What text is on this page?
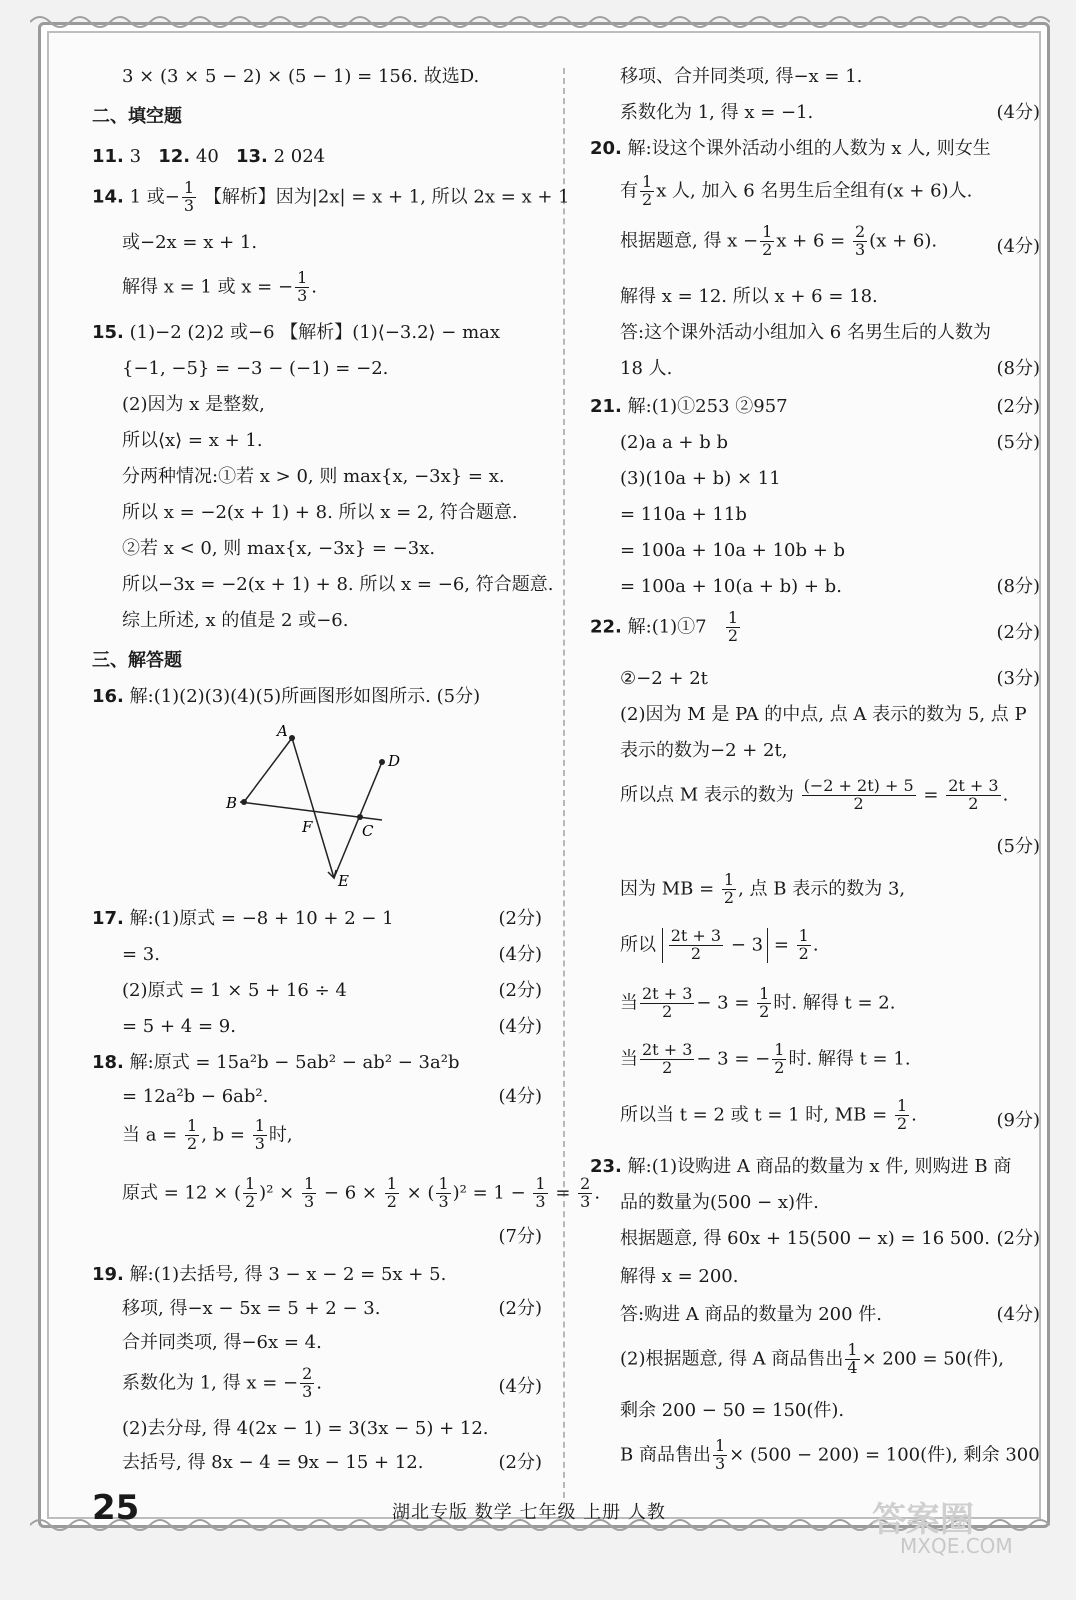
3 × (3 × 5 − 2) × (5 − 1) = 156. 故选D.
二、填空题
11. 3 12. 40 13. 2 024
14. 1 或− $\frac{1}{3}$ 【解析】因为|2x| = x + 1, 所以 2x = x + 1
或−2x = x + 1.
解得 x = 1 或 x = − $\frac{1}{3}$ .
15. (1)−2 (2)2 或−6 【解析】(1)⟨−3.2⟩ − max
{−1, −5} = −3 − (−1) = −2.
(2)因为 x 是整数,
所以⟨x⟩ = x + 1.
分两种情况:①若 x > 0, 则 max{x, −3x} = x.
所以 x = −2(x + 1) + 8. 所以 x = 2, 符合题意.
②若 x < 0, 则 max{x, −3x} = −3x.
所以−3x = −2(x + 1) + 8. 所以 x = −6, 符合题意.
综上所述, x 的值是 2 或−6.
三、解答题
16. 解:(1)(2)(3)(4)(5)所画图形如图所示. (5分)
A
B
D
C
F
E
17. 解:(1)原式 = −8 + 10 + 2 − 1	(2分)
= 3.	(4分)
(2)原式 = 1 × 5 + 16 ÷ 4	(2分)
= 5 + 4 = 9.	(4分)
18. 解:原式 = 15a²b − 5ab² − ab² − 3a²b
= 12a²b − 6ab².	(4分)
当 $a = \frac{1}{2}$ , $b = \frac{1}{3}$ 时,
原式 = 12 × ( $\frac{1}{2} )^2 \times \frac{1}{3} - 6 \times \frac{1}{2}$ × ( $\frac{1}{3} )^2 = 1 - \frac{1}{3} = \frac{2}{3}$ .
(7分)
19. 解:(1)去括号, 得 3 − x − 2 = 5x + 5.
移项, 得−x − 5x = 5 + 2 − 3.	(2分)
合并同类项, 得−6x = 4.
系数化为 1, 得 x = − $\frac{2}{3}$ .	(4分)
(2)去分母, 得 4(2x − 1) = 3(3x − 5) + 12.
去括号, 得 8x − 4 = 9x − 15 + 12.	(2分)
移项、合并同类项, 得−x = 1.
系数化为 1, 得 x = −1.	(4分)
20. 解:设这个课外活动小组的人数为 x 人, 则女生
有 $\frac{1}{2}$ x 人, 加入 6 名男生后全组有(x + 6)人.
根据题意, 得 $x - \frac{1}{2}$ $x + 6 = \frac{2}{3} (x + 6)$.	(4分)
解得 x = 12. 所以 x + 6 = 18.
答:这个课外活动小组加入 6 名男生后的人数为
18 人.	(8分)
21. 解:(1)①253 ②957	(2分)
(2)a a + b b	(5分)
(3)(10a + b) × 11
= 110a + 11b
= 100a + 10a + 10b + b
= 100a + 10(a + b) + b.	(8分)
22. 解:(1)①7 $\frac{1}{2}$	(2分)
②−2 + 2t	(3分)
(2)因为 M 是 PA 的中点, 点 A 表示的数为 5, 点 P
表示的数为−2 + 2t,
所以点 M 表示的数为 $\frac{(-2 + 2t) + 5}{2} = \frac{2t + 3}{2}$ .
(5分)
因为 MB = $\frac{1}{2}$ , 点 B 表示的数为 3,
所以 $\frac{2t + 3}{2} - 3 = \frac{1}{2}$ .
当 $\frac{2t + 3}{2} - 3 = \frac{1}{2}$ 时. 解得 t = 2.
当 $\frac{2t + 3}{2} - 3$ = − $\frac{1}{2}$ 时. 解得 t = 1.
所以当 t = 2 或 t = 1 时, MB = $\frac{1}{2}$ .	(9分)
23. 解:(1)设购进 A 商品的数量为 x 件, 则购进 B 商
品的数量为(500 − x)件.
根据题意, 得 60x + 15(500 − x) = 16 500. (2分)
解得 x = 200.
答:购进 A 商品的数量为 200 件.	(4分)
(2)根据题意, 得 A 商品售出 $\frac{1}{4} \times 200 = 50$(件),
剩余 200 − 50 = 150(件).
B 商品售出 $\frac{1}{3} \times (500 - 200) = 100$(件), 剩余 300
25	湖北专版 数学 七年级 上册 人教	答案圈
MXQE.COM
